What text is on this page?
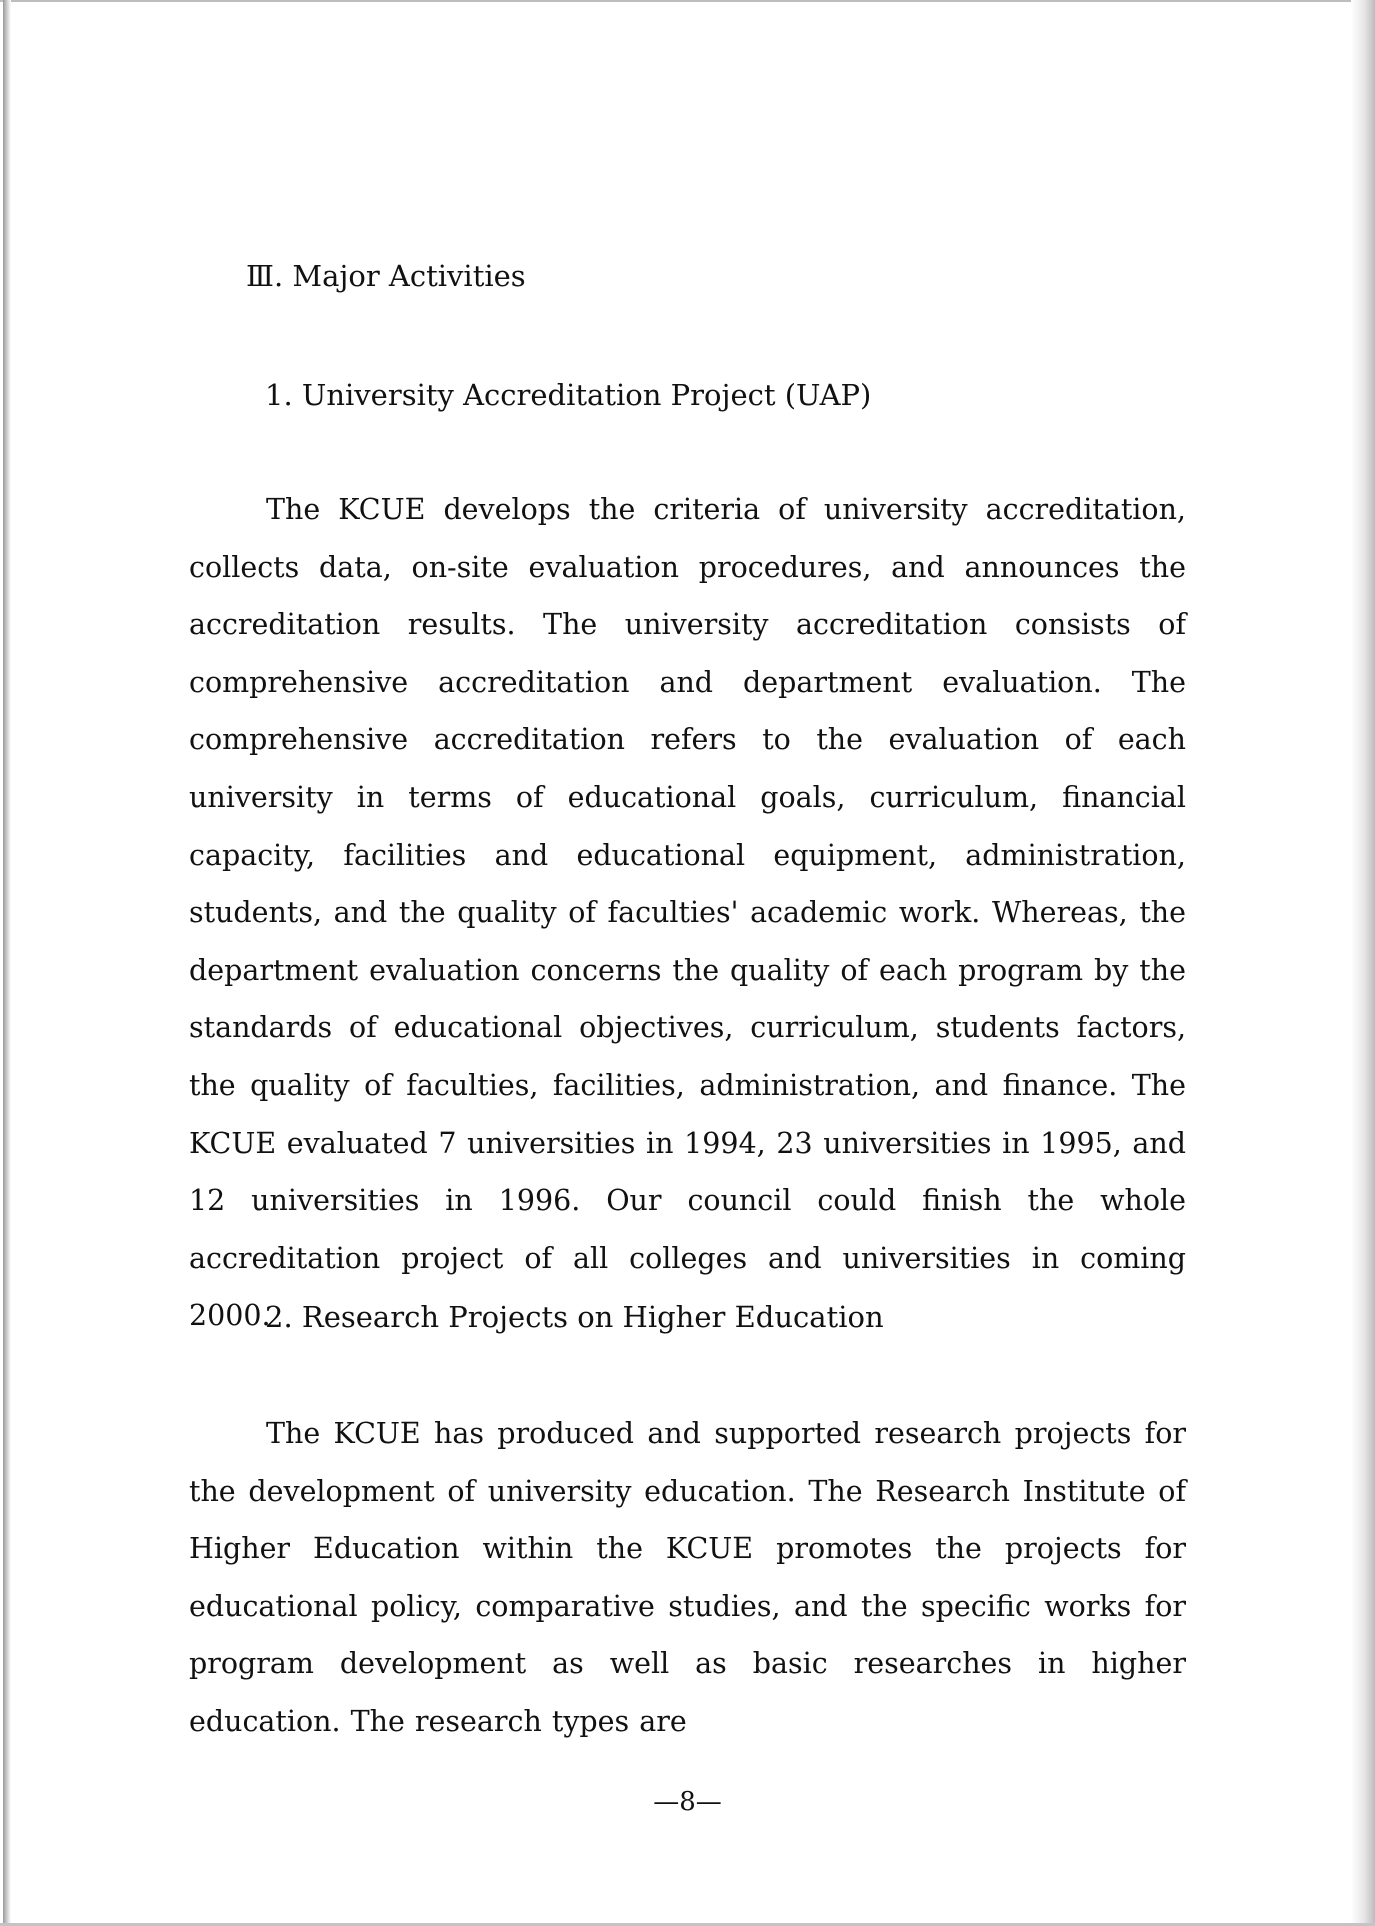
Ⅲ. Major Activities
1. University Accreditation Project (UAP)

The KCUE develops the criteria of university accreditation, collects data, on-site evaluation procedures, and announces the accreditation results. The university accreditation consists of comprehensive accreditation and department evaluation. The comprehensive accreditation refers to the evaluation of each university in terms of educational goals, curriculum, financial capacity, facilities and educational equipment, administration, students, and the quality of faculties' academic work. Whereas, the department evaluation concerns the quality of each program by the standards of educational objectives, curriculum, students factors, the quality of faculties, facilities, administration, and finance. The KCUE evaluated 7 universities in 1994, 23 universities in 1995, and 12 universities in 1996. Our council could finish the whole accreditation project of all colleges and universities in coming 2000.

2. Research Projects on Higher Education

The KCUE has produced and supported research projects for the development of university education. The Research Institute of Higher Education within the KCUE promotes the projects for educational policy, comparative studies, and the specific works for program development as well as basic researches in higher education. The research types are

—8—
